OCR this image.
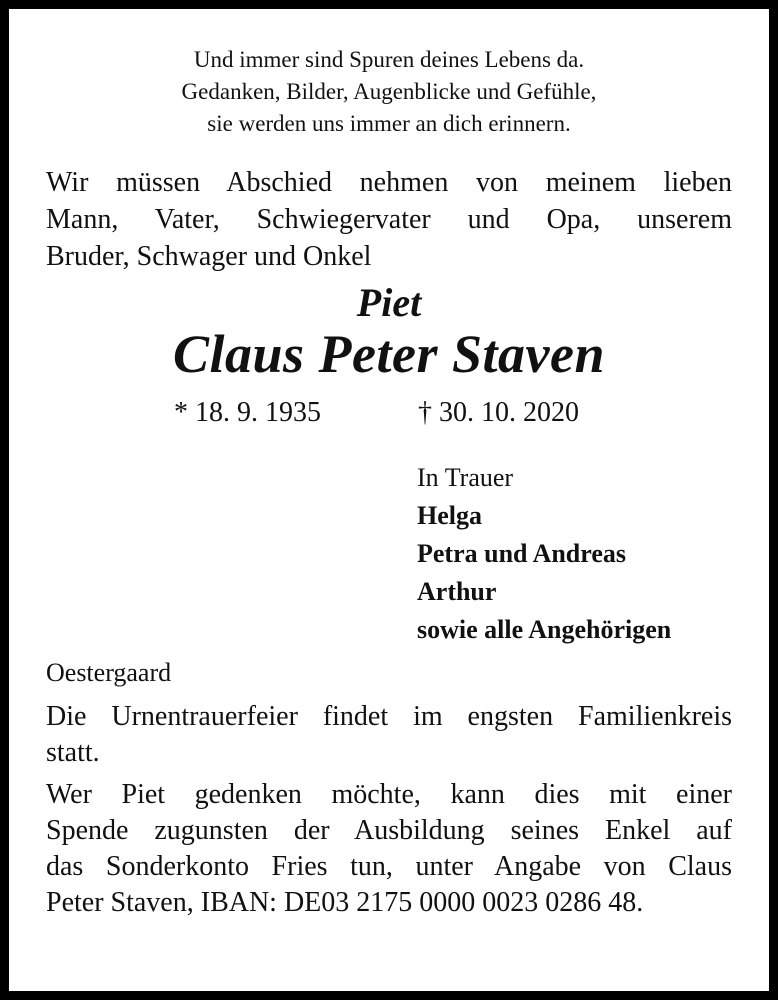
Und immer sind Spuren deines Lebens da.
Gedanken, Bilder, Augenblicke und Gefühle,
sie werden uns immer an dich erinnern.
Wir müssen Abschied nehmen von meinem lieben
Mann, Vater, Schwiegervater und Opa, unserem
Bruder, Schwager und Onkel
Piet
Claus Peter Staven
* 18. 9. 1935	† 30. 10. 2020
In Trauer
Helga
Petra und Andreas
Arthur
sowie alle Angehörigen
Oestergaard
Die Urnentrauerfeier findet im engsten Familienkreis
statt.
Wer Piet gedenken möchte, kann dies mit einer
Spende zugunsten der Ausbildung seines Enkel auf
das Sonderkonto Fries tun, unter Angabe von Claus
Peter Staven, IBAN: DE03 2175 0000 0023 0286 48.
